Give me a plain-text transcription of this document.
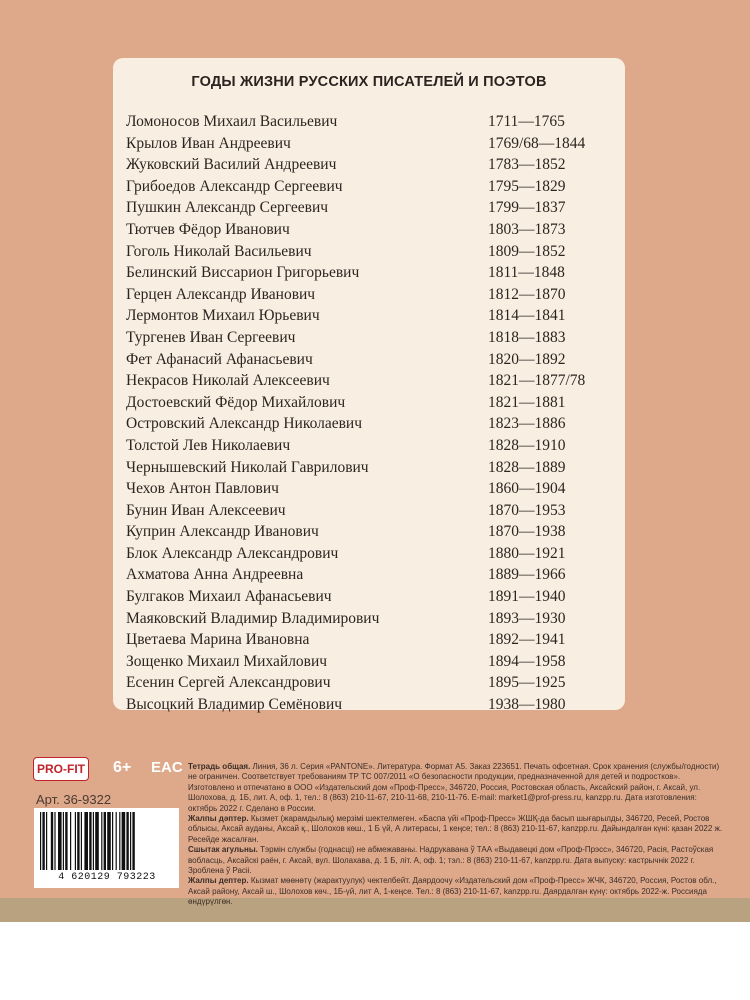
ГОДЫ ЖИЗНИ РУССКИХ ПИСАТЕЛЕЙ И ПОЭТОВ
Ломоносов Михаил Васильевич	1711—1765
Крылов Иван Андреевич	1769/68—1844
Жуковский Василий Андреевич	1783—1852
Грибоедов Александр Сергеевич	1795—1829
Пушкин Александр Сергеевич	1799—1837
Тютчев Фёдор Иванович	1803—1873
Гоголь Николай Васильевич	1809—1852
Белинский Виссарион Григорьевич	1811—1848
Герцен Александр Иванович	1812—1870
Лермонтов Михаил Юрьевич	1814—1841
Тургенев Иван Сергеевич	1818—1883
Фет Афанасий Афанасьевич	1820—1892
Некрасов Николай Алексеевич	1821—1877/78
Достоевский Фёдор Михайлович	1821—1881
Островский Александр Николаевич	1823—1886
Толстой Лев Николаевич	1828—1910
Чернышевский Николай Гаврилович	1828—1889
Чехов Антон Павлович	1860—1904
Бунин Иван Алексеевич	1870—1953
Куприн Александр Иванович	1870—1938
Блок Александр Александрович	1880—1921
Ахматова Анна Андреевна	1889—1966
Булгаков Михаил Афанасьевич	1891—1940
Маяковский Владимир Владимирович	1893—1930
Цветаева Марина Ивановна	1892—1941
Зощенко Михаил Михайлович	1894—1958
Есенин Сергей Александрович	1895—1925
Высоцкий Владимир Семёнович	1938—1980
PRO-FIT 6+ EAC
Арт. 36-9322
4 620129 793223

Тетрадь общая. Линия, 36 л. Серия «PANTONE». Литература. Формат А5. Заказ 223651. Печать офсетная. Срок хранения (службы/годности) не ограничен. Соответствует требованиям ТР ТС 007/2011 «О безопасности продукции, предназначенной для детей и подростков». Изготовлено и отпечатано в ООО «Издательский дом «Проф-Пресс», 346720, Россия, Ростовская область, Аксайский район, г. Аксай, ул. Шолохова, д. 1Б, лит. А, оф. 1, тел.: 8 (863) 210-11-67, 210-11-68, 210-11-76. E-mail: market1@prof-press.ru, kanzpp.ru. Дата изготовления: октябрь 2022 г. Сделано в России.

Жалпы дәптер. Кызмет (жарамдылық) мерзімі шектелмеген. «Баспа үйі «Проф-Пресс» ЖШҚ-да басып шығарылды, 346720, Ресей, Ростов облысы, Аксай ауданы, Аксай қ., Шолохов көш., 1 Б үй, А литерасы, 1 кеңсе; тел.: 8 (863) 210-11-67, kanzpp.ru. Дайындалған күні: қазан 2022 ж. Ресейде жасалған.

Сшытак агульны. Тэрмін службы (годнасці) не абмежаваны. Надрукавана ў ТАА «Выдавецкі дом «Проф-Прэсс», 346720, Расія, Растоўская вобласць, Аксайскі раён, г. Аксай, вул. Шолахава, д. 1 Б, літ. А, оф. 1; тэл.: 8 (863) 210-11-67, kanzpp.ru. Дата выпуску: кастрычнік 2022 г. Зроблена ў Расіі.

Жалпы дептер. Кызмат мөөнөтү (жарактуулук) чектелбейт. Даярдоочу «Издательский дом «Проф-Пресс» ЖЧК, 346720, Россия, Ростов обл., Аксай району, Аксай ш., Шолохов көч., 1Б-үй, лит А, 1-кеңсе. Тел.: 8 (863) 210-11-67, kanzpp.ru. Даярдалган күнү: октябрь 2022-ж. Россияда өндүрүлгөн.
